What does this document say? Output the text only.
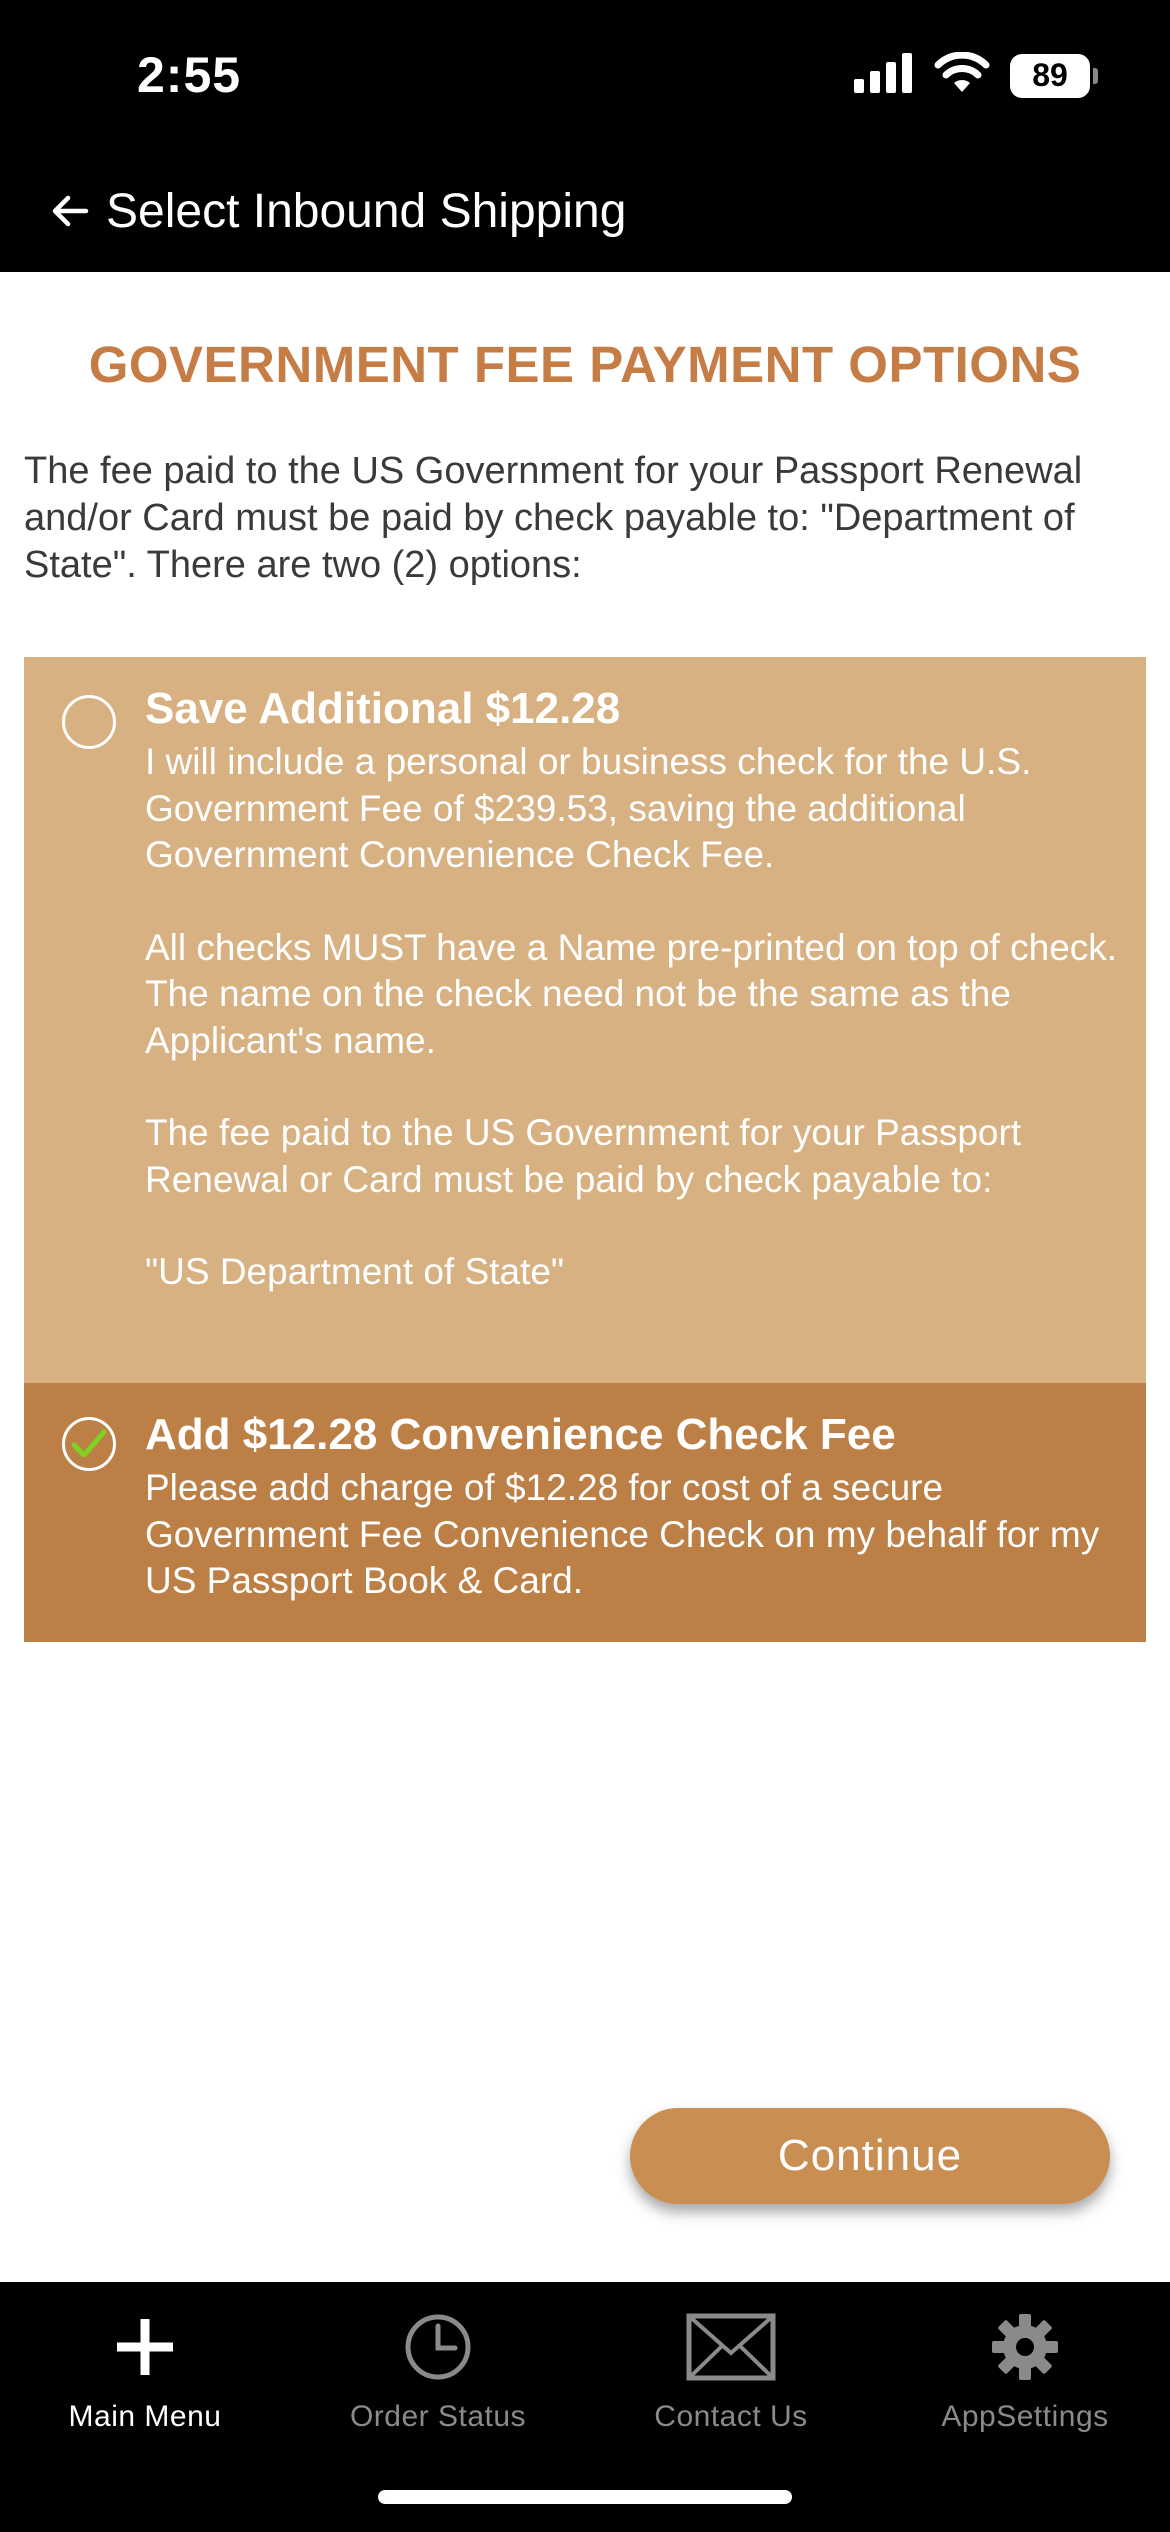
2:55	89
Select Inbound Shipping
GOVERNMENT FEE PAYMENT OPTIONS
The fee paid to the US Government for your Passport Renewal and/or Card must be paid by check payable to: "Department of State". There are two (2) options:
Save Additional $12.28
I will include a personal or business check for the U.S. Government Fee of $239.53, saving the additional Government Convenience Check Fee.
All checks MUST have a Name pre-printed on top of check. The name on the check need not be the same as the Applicant's name.
The fee paid to the US Government for your Passport Renewal or Card must be paid by check payable to:
"US Department of State"
Add $12.28 Convenience Check Fee
Please add charge of $12.28 for cost of a secure Government Fee Convenience Check on my behalf for my US Passport Book & Card.
Continue
Main Menu	Order Status	Contact Us	AppSettings
